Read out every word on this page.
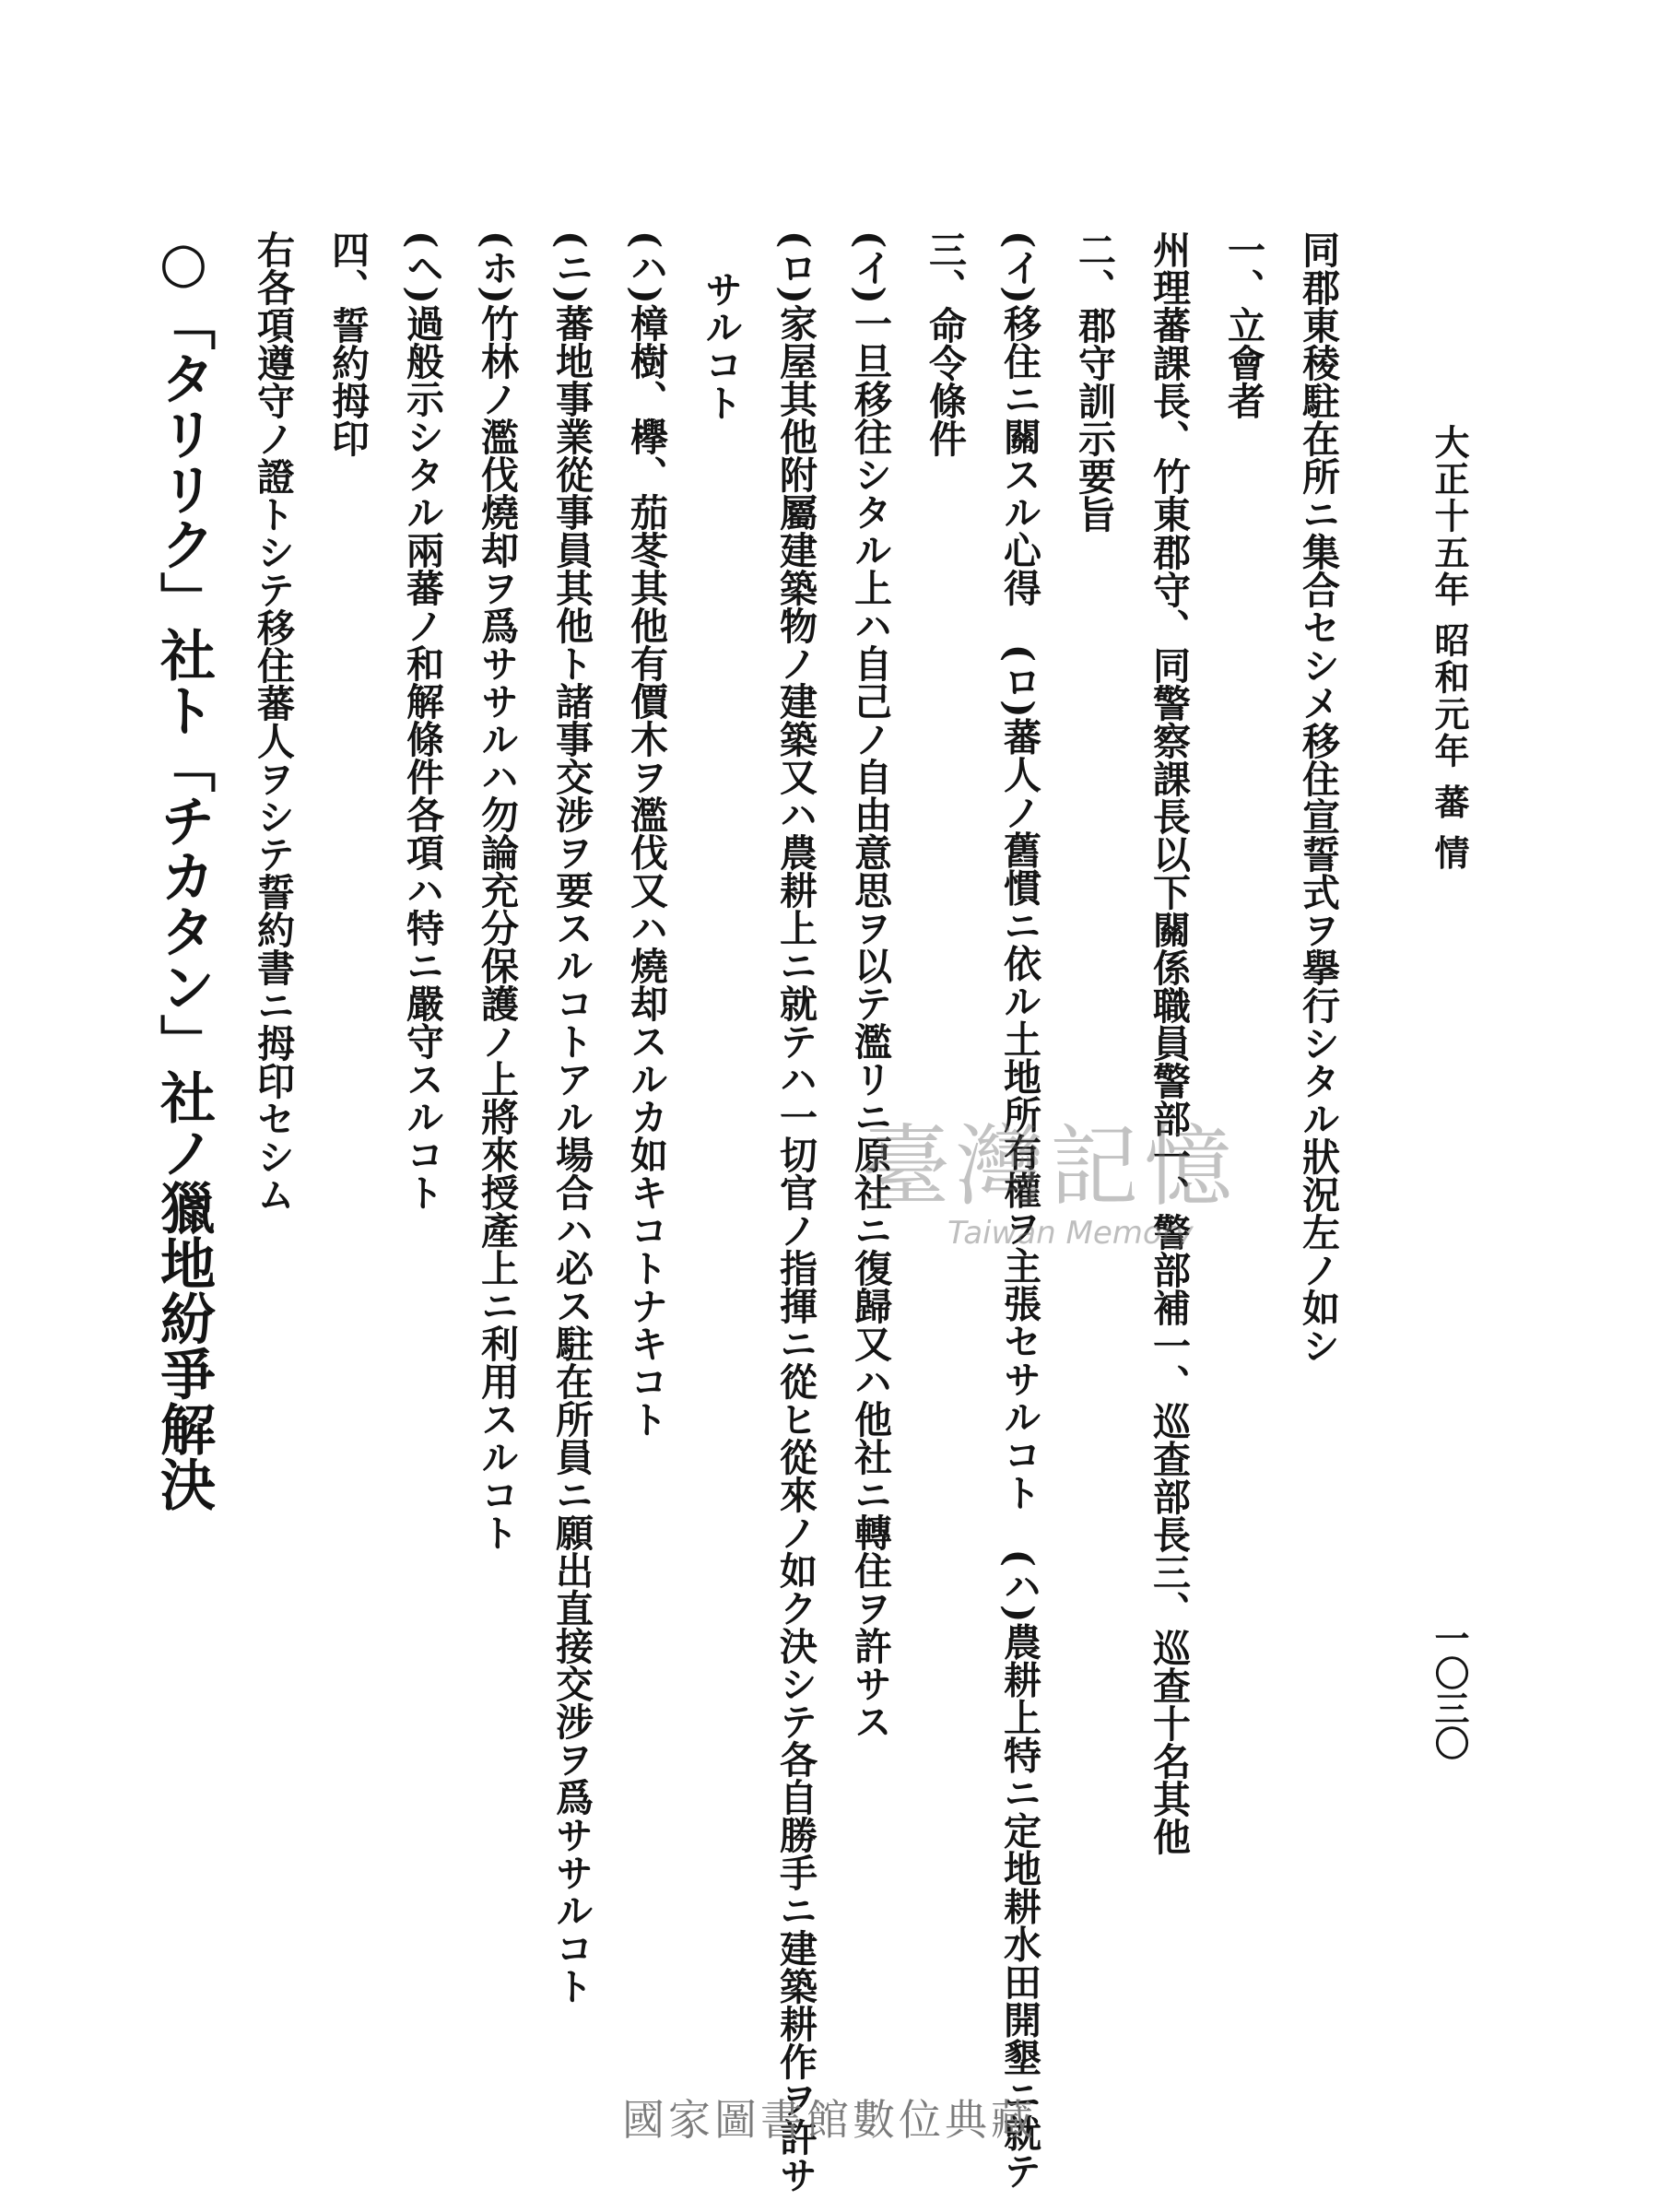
大正十五年 昭和元年 蕃 情
一〇三〇
同郡東稜駐在所ニ集合セシメ移住宣誓式ヲ擧行シタル狀況左ノ如シ
一、立會者
州理蕃課長、竹東郡守、同警察課長以下關係職員警部一、警部補一、巡查部長三、巡查十名其他
二、郡守訓示要旨
(イ)移住ニ關スル心得　(ロ)蕃人ノ舊慣ニ依ル土地所有權ヲ主張セサルコト　(ハ)農耕上特ニ定地耕水田開墾ニ就テ
三、命令條件
(イ)一旦移往シタル上ハ自己ノ自由意思ヲ以テ濫リニ原社ニ復歸又ハ他社ニ轉住ヲ許サス
(ロ)家屋其他附屬建築物ノ建築又ハ農耕上ニ就テハ一切官ノ指揮ニ從ヒ從來ノ如ク決シテ各自勝手ニ建築耕作ヲ許サ
サルコト
(ハ)樟樹、欅、茄苳其他有價木ヲ濫伐又ハ燒却スルカ如キコトナキコト
(ニ)蕃地事業從事員其他ト諸事交涉ヲ要スルコトアル場合ハ必ス駐在所員ニ願出直接交涉ヲ爲ササルコト
(ホ)竹林ノ濫伐燒却ヲ爲ササルハ勿論充分保護ノ上將來授產上ニ利用スルコト
(ヘ)過般示シタル兩蕃ノ和解條件各項ハ特ニ嚴守スルコト
四、誓約拇印
右各項遵守ノ證トシテ移住蕃人ヲシテ誓約書ニ拇印セシム
○「タリリク」社ト「チカタン」社ノ獵地紛爭解決	臺灣記憶
Taiwan Memory
國家圖書館數位典藏
